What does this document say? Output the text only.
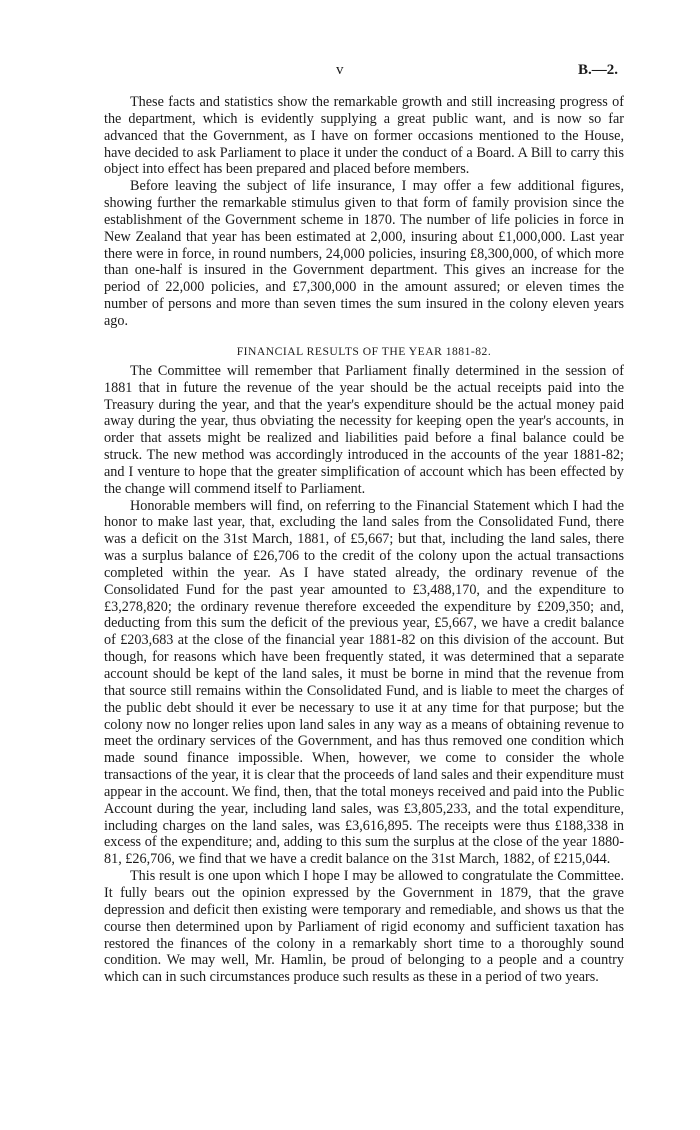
v	B.—2.

These facts and statistics show the remarkable growth and still increasing progress of the department, which is evidently supplying a great public want, and is now so far advanced that the Government, as I have on former occasions mentioned to the House, have decided to ask Parliament to place it under the conduct of a Board. A Bill to carry this object into effect has been prepared and placed before members.

Before leaving the subject of life insurance, I may offer a few additional figures, showing further the remarkable stimulus given to that form of family provision since the establishment of the Government scheme in 1870. The number of life policies in force in New Zealand that year has been estimated at 2,000, insuring about £1,000,000. Last year there were in force, in round numbers, 24,000 policies, insuring £8,300,000, of which more than one-half is insured in the Government department. This gives an increase for the period of 22,000 policies, and £7,300,000 in the amount assured; or eleven times the number of persons and more than seven times the sum insured in the colony eleven years ago.

FINANCIAL RESULTS OF THE YEAR 1881-82.

The Committee will remember that Parliament finally determined in the session of 1881 that in future the revenue of the year should be the actual receipts paid into the Treasury during the year, and that the year's expenditure should be the actual money paid away during the year, thus obviating the necessity for keeping open the year's accounts, in order that assets might be realized and liabilities paid before a final balance could be struck. The new method was accordingly introduced in the accounts of the year 1881-82; and I venture to hope that the greater simplification of account which has been effected by the change will commend itself to Parliament.

Honorable members will find, on referring to the Financial Statement which I had the honor to make last year, that, excluding the land sales from the Consolidated Fund, there was a deficit on the 31st March, 1881, of £5,667; but that, including the land sales, there was a surplus balance of £26,706 to the credit of the colony upon the actual transactions completed within the year. As I have stated already, the ordinary revenue of the Consolidated Fund for the past year amounted to £3,488,170, and the expenditure to £3,278,820; the ordinary revenue therefore exceeded the expenditure by £209,350; and, deducting from this sum the deficit of the previous year, £5,667, we have a credit balance of £203,683 at the close of the financial year 1881-82 on this division of the account. But though, for reasons which have been frequently stated, it was determined that a separate account should be kept of the land sales, it must be borne in mind that the revenue from that source still remains within the Consolidated Fund, and is liable to meet the charges of the public debt should it ever be necessary to use it at any time for that purpose; but the colony now no longer relies upon land sales in any way as a means of obtaining revenue to meet the ordinary services of the Government, and has thus removed one condition which made sound finance impossible. When, however, we come to consider the whole transactions of the year, it is clear that the proceeds of land sales and their expenditure must appear in the account. We find, then, that the total moneys received and paid into the Public Account during the year, including land sales, was £3,805,233, and the total expenditure, including charges on the land sales, was £3,616,895. The receipts were thus £188,338 in excess of the expenditure; and, adding to this sum the surplus at the close of the year 1880-81, £26,706, we find that we have a credit balance on the 31st March, 1882, of £215,044.

This result is one upon which I hope I may be allowed to congratulate the Committee. It fully bears out the opinion expressed by the Government in 1879, that the grave depression and deficit then existing were temporary and remediable, and shows us that the course then determined upon by Parliament of rigid economy and sufficient taxation has restored the finances of the colony in a remarkably short time to a thoroughly sound condition. We may well, Mr. Hamlin, be proud of belonging to a people and a country which can in such circumstances produce such results as these in a period of two years.
